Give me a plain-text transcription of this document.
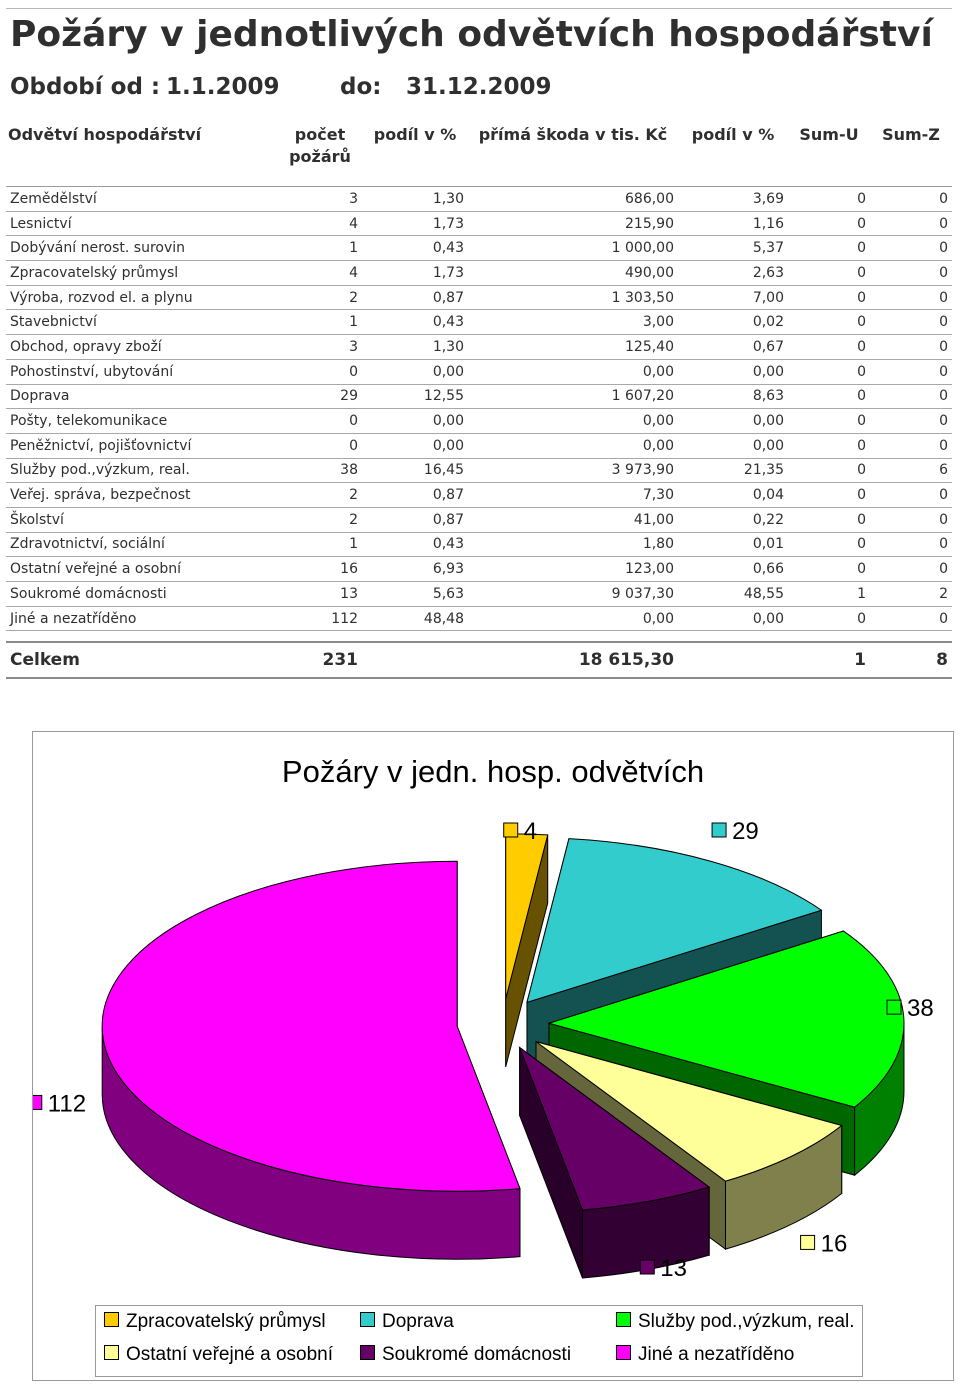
Požáry v jednotlivých odvětvích hospodářství
Období od : 1.1.2009	do: 31.12.2009
Odvětví hospodářství	počet požárů	podíl v %	přímá škoda v tis. Kč	podíl v %	Sum-U	Sum-Z
Zemědělství	3	1,30	686,00	3,69	0	0
Lesnictví	4	1,73	215,90	1,16	0	0
Dobývání nerost. surovin	1	0,43	1 000,00	5,37	0	0
Zpracovatelský průmysl	4	1,73	490,00	2,63	0	0
Výroba, rozvod el. a plynu	2	0,87	1 303,50	7,00	0	0
Stavebnictví	1	0,43	3,00	0,02	0	0
Obchod, opravy zboží	3	1,30	125,40	0,67	0	0
Pohostinství, ubytování	0	0,00	0,00	0,00	0	0
Doprava	29	12,55	1 607,20	8,63	0	0
Pošty, telekomunikace	0	0,00	0,00	0,00	0	0
Peněžnictví, pojišťovnictví	0	0,00	0,00	0,00	0	0
Služby pod.,výzkum, real.	38	16,45	3 973,90	21,35	0	6
Veřej. správa, bezpečnost	2	0,87	7,30	0,04	0	0
Školství	2	0,87	41,00	0,22	0	0
Zdravotnictví, sociální	1	0,43	1,80	0,01	0	0
Ostatní veřejné a osobní	16	6,93	123,00	0,66	0	0
Soukromé domácnosti	13	5,63	9 037,30	48,55	1	2
Jiné a nezatříděno	112	48,48	0,00	0,00	0	0

Celkem	231		18 615,30		1	8
Požáry v jedn. hosp. odvětvích
4	29
38
16
13
112
Zpracovatelský průmysl	Doprava	Služby pod.,výzkum, real.
Ostatní veřejné a osobní	Soukromé domácnosti	Jiné a nezatříděno
